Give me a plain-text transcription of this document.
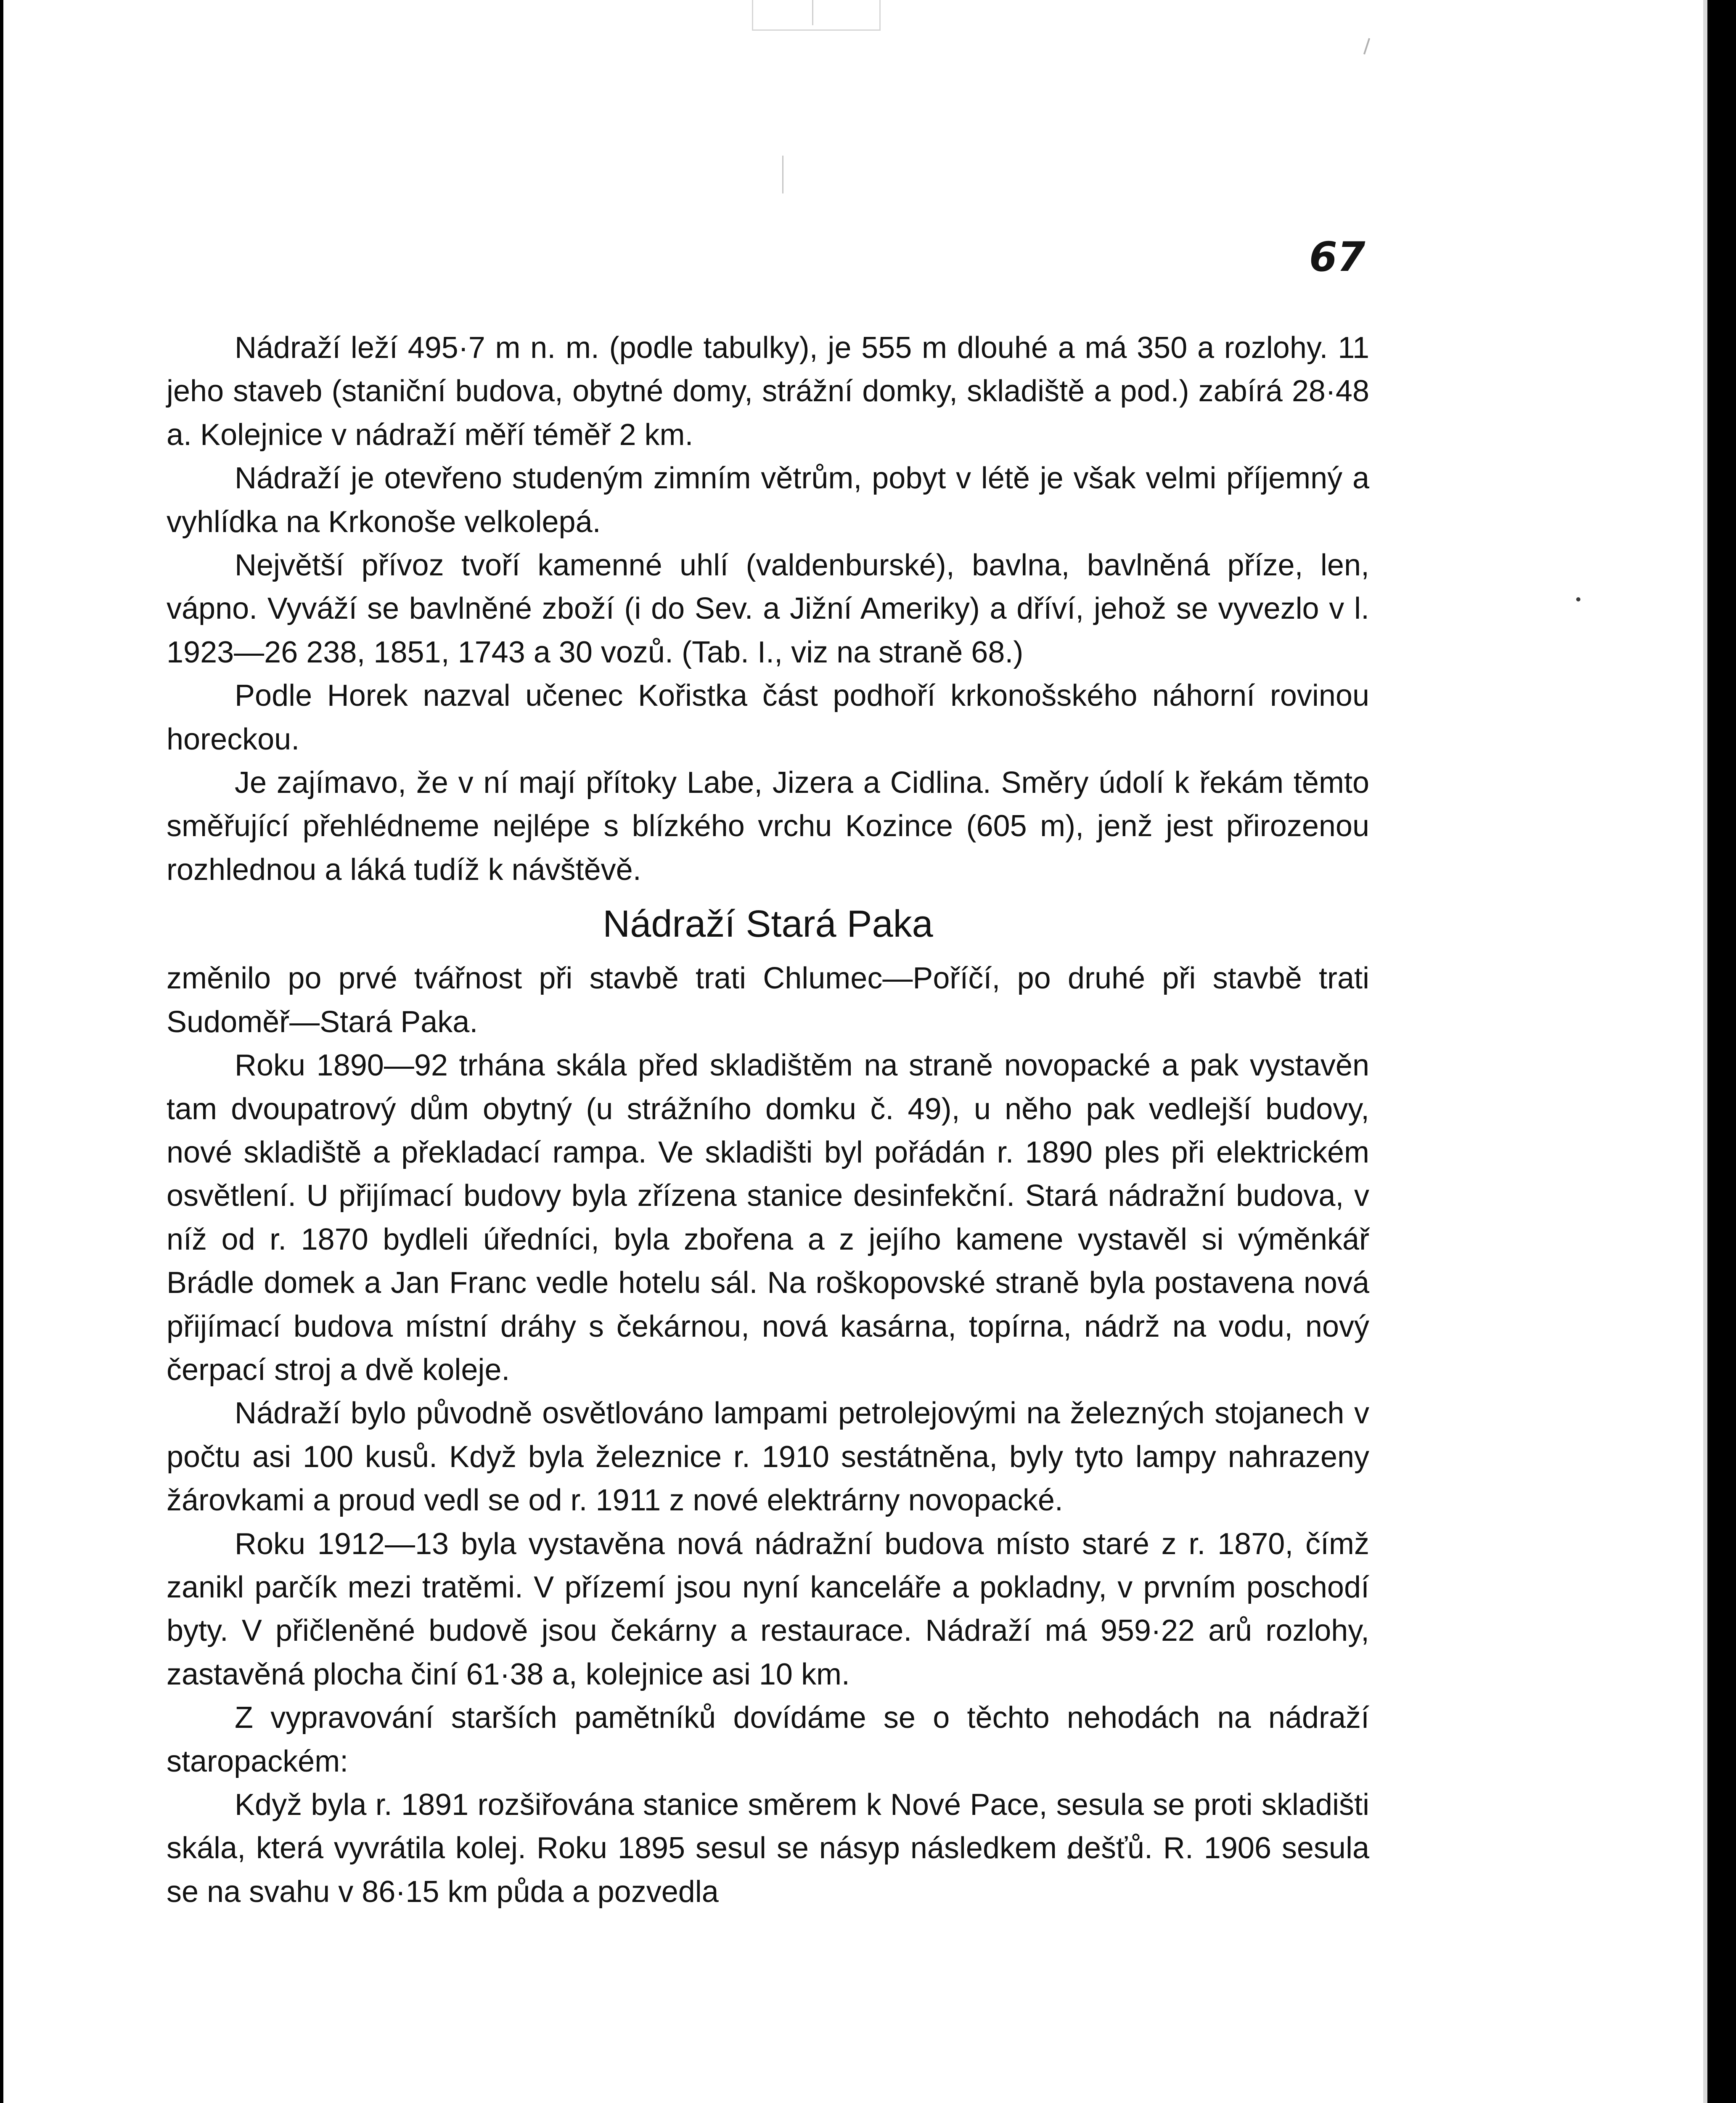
67

Nádraží leží 495·7 m n. m. (podle tabulky), je 555 m dlouhé a má 350 a rozlohy. 11 jeho staveb (staniční budova, obytné domy, strážní domky, skladiště a pod.) zabírá 28·48 a. Kolejnice v nádraží měří téměř 2 km.

Nádraží je otevřeno studeným zimním větrům, pobyt v létě je však velmi příjemný a vyhlídka na Krkonoše velkolepá.

Největší přívoz tvoří kamenné uhlí (valdenburské), bavlna, bavlněná příze, len, vápno. Vyváží se bavlněné zboží (i do Sev. a Jižní Ameriky) a dříví, jehož se vyvezlo v l. 1923—26 238, 1851, 1743 a 30 vozů. (Tab. I., viz na straně 68.)

Podle Horek nazval učenec Kořistka část podhoří krkonošského náhorní rovinou horeckou.

Je zajímavo, že v ní mají přítoky Labe, Jizera a Cidlina. Směry údolí k řekám těmto směřující přehlédneme nejlépe s blízkého vrchu Kozince (605 m), jenž jest přirozenou rozhlednou a láká tudíž k návštěvě.

Nádraží Stará Paka

změnilo po prvé tvářnost při stavbě trati Chlumec—Poříčí, po druhé při stavbě trati Sudoměř—Stará Paka.

Roku 1890—92 trhána skála před skladištěm na straně novopacké a pak vystavěn tam dvoupatrový dům obytný (u strážního domku č. 49), u něho pak vedlejší budovy, nové skladiště a překladací rampa. Ve skladišti byl pořádán r. 1890 ples při elektrickém osvětlení. U přijímací budovy byla zřízena stanice desinfekční. Stará nádražní budova, v níž od r. 1870 bydleli úředníci, byla zbořena a z jejího kamene vystavěl si výměnkář Brádle domek a Jan Franc vedle hotelu sál. Na roškopovské straně byla postavena nová přijímací budova místní dráhy s čekárnou, nová kasárna, topírna, nádrž na vodu, nový čerpací stroj a dvě koleje.

Nádraží bylo původně osvětlováno lampami petrolejovými na železných stojanech v počtu asi 100 kusů. Když byla železnice r. 1910 sestátněna, byly tyto lampy nahrazeny žárovkami a proud vedl se od r. 1911 z nové elektrárny novopacké.

Roku 1912—13 byla vystavěna nová nádražní budova místo staré z r. 1870, čímž zanikl parčík mezi tratěmi. V přízemí jsou nyní kanceláře a pokladny, v prvním poschodí byty. V přičleněné budově jsou čekárny a restaurace. Nádraží má 959·22 arů rozlohy, zastavěná plocha činí 61·38 a, kolejnice asi 10 km.

Z vypravování starších pamětníků dovídáme se o těchto nehodách na nádraží staropackém:

Když byla r. 1891 rozšiřována stanice směrem k Nové Pace, sesula se proti skladišti skála, která vyvrátila kolej. Roku 1895 sesul se násyp následkem dešťů. R. 1906 sesula se na svahu v 86·15 km půda a pozvedla
